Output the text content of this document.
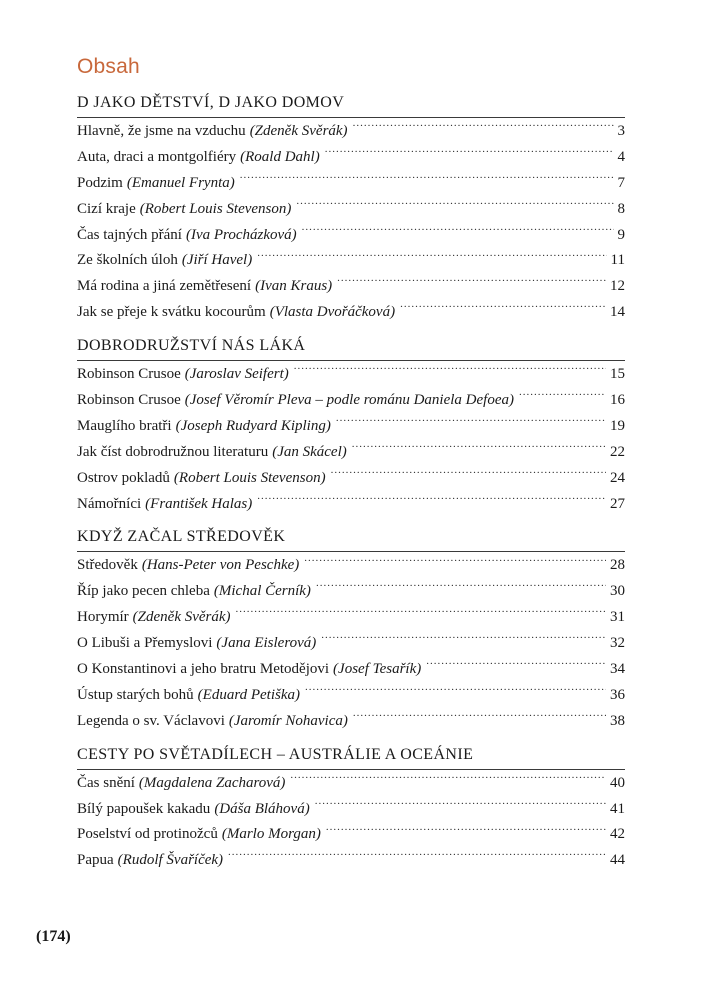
Obsah
D JAKO DĚTSTVÍ, D JAKO DOMOV
Hlavně, že jsme na vzduchu (Zdeněk Svěrák) .....	3
Auta, draci a montgolfiéry (Roald Dahl) .....	4
Podzim (Emanuel Frynta) .....	7
Cizí kraje (Robert Louis Stevenson) .....	8
Čas tajných přání (Iva Procházková) .....	9
Ze školních úloh (Jiří Havel) .....	11
Má rodina a jiná zemětřesení (Ivan Kraus) .....	12
Jak se přeje k svátku kocourům (Vlasta Dvořáčková) .....	14
DOBRODRUŽSTVÍ NÁS LÁKÁ
Robinson Crusoe (Jaroslav Seifert) .....	15
Robinson Crusoe (Josef Věromír Pleva – podle románu Daniela Defoea) .....	16
Mauglího bratři (Joseph Rudyard Kipling) .....	19
Jak číst dobrodružnou literaturu (Jan Skácel) .....	22
Ostrov pokladů (Robert Louis Stevenson) .....	24
Námořníci (František Halas) .....	27
KDYŽ ZAČAL STŘEDOVĚK
Středověk (Hans-Peter von Peschke) .....	28
Říp jako pecen chleba (Michal Černík) .....	30
Horymír (Zdeněk Svěrák) .....	31
O Libuši a Přemyslovi (Jana Eislerová) .....	32
O Konstantinovi a jeho bratru Metodějovi (Josef Tesařík) .....	34
Ústup starých bohů (Eduard Petiška) .....	36
Legenda o sv. Václavovi (Jaromír Nohavica) .....	38
CESTY PO SVĚTADÍLECH – AUSTRÁLIE A OCEÁNIE
Čas snění (Magdalena Zacharová) .....	40
Bílý papoušek kakadu (Dáša Bláhová) .....	41
Poselství od protinožců (Marlo Morgan) .....	42
Papua (Rudolf Švaříček) .....	44
(174)
